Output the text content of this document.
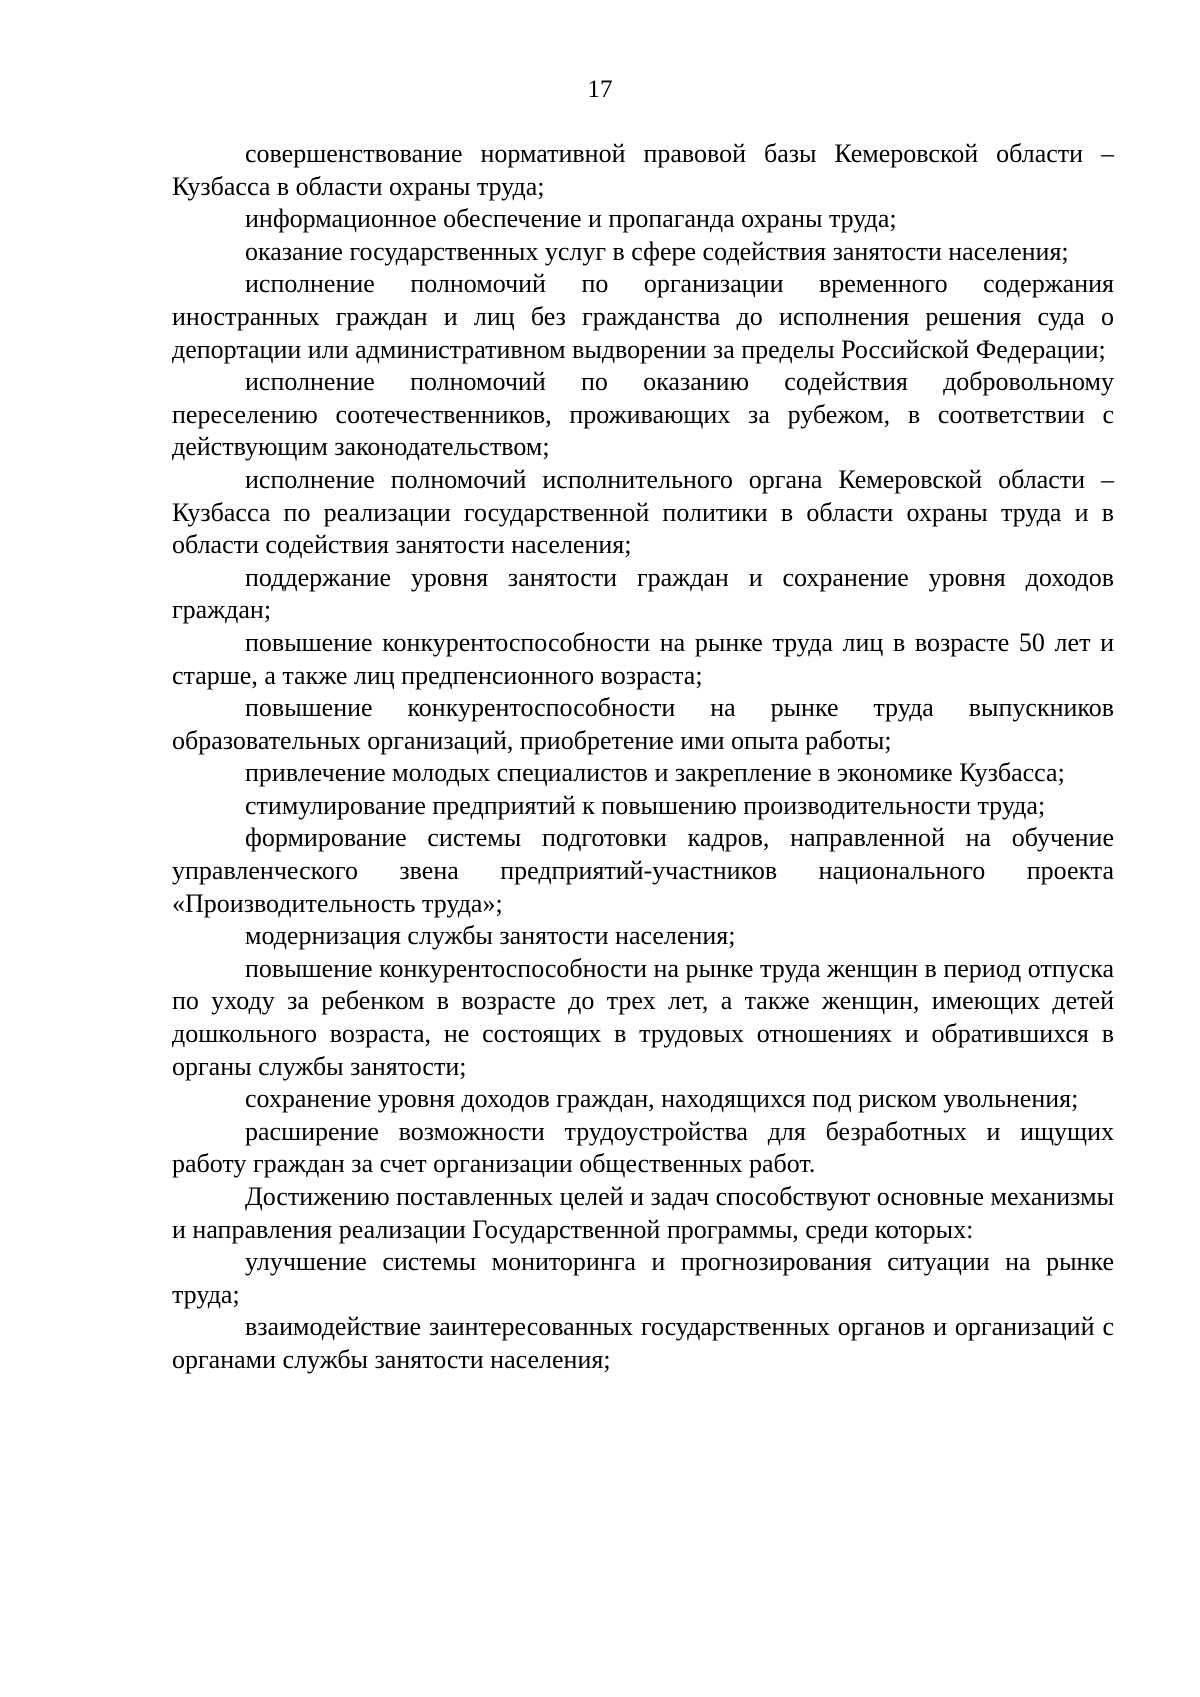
17

совершенствование нормативной правовой базы Кемеровской области – Кузбасса в области охраны труда;

информационное обеспечение и пропаганда охраны труда;

оказание государственных услуг в сфере содействия занятости населения;

исполнение полномочий по организации временного содержания иностранных граждан и лиц без гражданства до исполнения решения суда о депортации или административном выдворении за пределы Российской Федерации;

исполнение полномочий по оказанию содействия добровольному переселению соотечественников, проживающих за рубежом, в соответствии с действующим законодательством;

исполнение полномочий исполнительного органа Кемеровской области – Кузбасса по реализации государственной политики в области охраны труда и в области содействия занятости населения;

поддержание уровня занятости граждан и сохранение уровня доходов граждан;

повышение конкурентоспособности на рынке труда лиц в возрасте 50 лет и старше, а также лиц предпенсионного возраста;

повышение конкурентоспособности на рынке труда выпускников образовательных организаций, приобретение ими опыта работы;

привлечение молодых специалистов и закрепление в экономике Кузбасса;

стимулирование предприятий к повышению производительности труда;

формирование системы подготовки кадров, направленной на обучение управленческого звена предприятий-участников национального проекта «Производительность труда»;

модернизация службы занятости населения;

повышение конкурентоспособности на рынке труда женщин в период отпуска по уходу за ребенком в возрасте до трех лет, а также женщин, имеющих детей дошкольного возраста, не состоящих в трудовых отношениях и обратившихся в органы службы занятости;

сохранение уровня доходов граждан, находящихся под риском увольнения;

расширение возможности трудоустройства для безработных и ищущих работу граждан за счет организации общественных работ.

Достижению поставленных целей и задач способствуют основные механизмы и направления реализации Государственной программы, среди которых:

улучшение системы мониторинга и прогнозирования ситуации на рынке труда;

взаимодействие заинтересованных государственных органов и организаций с органами службы занятости населения;
